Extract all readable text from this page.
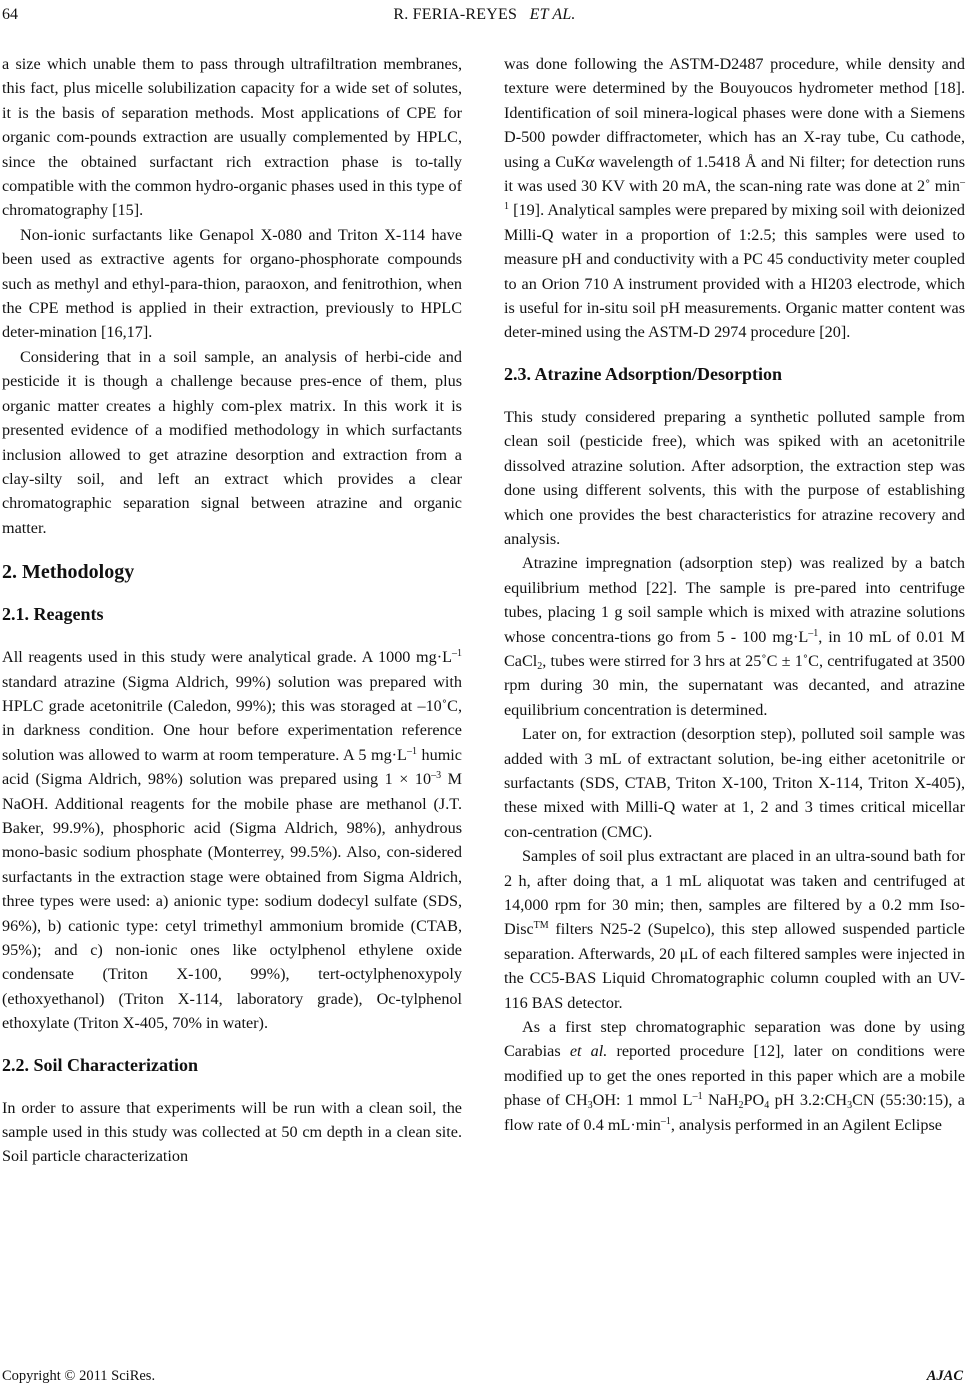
64	R. FERIA-REYES ET AL.

a size which unable them to pass through ultrafiltration membranes, this fact, plus micelle solubilization capacity for a wide set of solutes, it is the basis of separation methods. Most applications of CPE for organic com-pounds extraction are usually complemented by HPLC, since the obtained surfactant rich extraction phase is to-tally compatible with the common hydro-organic phases used in this type of chromatography [15].

Non-ionic surfactants like Genapol X-080 and Triton X-114 have been used as extractive agents for organo-phosphorate compounds such as methyl and ethyl-para-thion, paraoxon, and fenitrothion, when the CPE method is applied in their extraction, previously to HPLC deter-mination [16,17].

Considering that in a soil sample, an analysis of herbi-cide and pesticide it is though a challenge because pres-ence of them, plus organic matter creates a highly com-plex matrix. In this work it is presented evidence of a modified methodology in which surfactants inclusion allowed to get atrazine desorption and extraction from a clay-silty soil, and left an extract which provides a clear chromatographic separation signal between atrazine and organic matter.

2. Methodology
2.1. Reagents

All reagents used in this study were analytical grade. A 1000 $mg\cdot L^{-1}$ standard atrazine (Sigma Aldrich, 99%) solution was prepared with HPLC grade acetonitrile (Caledon, 99%); this was storaged at –10˚C, in darkness condition. One hour before experimentation reference solution was allowed to warm at room temperature. A 5 $mg\cdot L^{-1}$ humic acid (Sigma Aldrich, 98%) solution was prepared using $1 \times 10^{-3}$ M NaOH. Additional reagents for the mobile phase are methanol (J.T. Baker, 99.9%), phosphoric acid (Sigma Aldrich, 98%), anhydrous mono-basic sodium phosphate (Monterrey, 99.5%). Also, con-sidered surfactants in the extraction stage were obtained from Sigma Aldrich, three types were used: a) anionic type: sodium dodecyl sulfate (SDS, 96%), b) cationic type: cetyl trimethyl ammonium bromide (CTAB, 95%); and c) non-ionic ones like octylphenol ethylene oxide condensate (Triton X-100, 99%), tert-octylphenoxypoly (ethoxyethanol) (Triton X-114, laboratory grade), Oc-tylphenol ethoxylate (Triton X-405, 70% in water).

2.2. Soil Characterization

In order to assure that experiments will be run with a clean soil, the sample used in this study was collected at 50 cm depth in a clean site. Soil particle characterization

was done following the ASTM-D2487 procedure, while density and texture were determined by the Bouyoucos hydrometer method [18]. Identification of soil minera-logical phases were done with a Siemens D-500 powder diffractometer, which has an X-ray tube, Cu cathode, using a CuKα wavelength of 1.5418 Å and Ni filter; for detection runs it was used 30 KV with 20 mA, the scan-ning rate was done at 2˚ $\min^{-1} [19]$. Analytical samples were prepared by mixing soil with deionized Milli-Q water in a proportion of 1:2.5; this samples were used to measure pH and conductivity with a PC 45 conductivity meter coupled to an Orion 710 A instrument provided with a HI203 electrode, which is useful for in-situ soil pH measurements. Organic matter content was deter-mined using the ASTM-D 2974 procedure [20].

2.3. Atrazine Adsorption/Desorption

This study considered preparing a synthetic polluted sample from clean soil (pesticide free), which was spiked with an acetonitrile dissolved atrazine solution. After adsorption, the extraction step was done using different solvents, this with the purpose of establishing which one provides the best characteristics for atrazine recovery and analysis.

Atrazine impregnation (adsorption step) was realized by a batch equilibrium method [22]. The sample is pre-pared into centrifuge tubes, placing 1 g soil sample which is mixed with atrazine solutions whose concentra-tions go from 5 - 100 $mg\cdot L^{-1}$, in 10 mL of 0.01 M CaCl$_2$, tubes were stirred for 3 hrs at 25˚C ± 1˚C, centrifugated at 3500 rpm during 30 min, the supernatant was decanted, and atrazine equilibrium concentration is determined.

Later on, for extraction (desorption step), polluted soil sample was added with 3 mL of extractant solution, be-ing either acetonitrile or surfactants (SDS, CTAB, Triton X-100, Triton X-114, Triton X-405), these mixed with Milli-Q water at 1, 2 and 3 times critical micellar con-centration (CMC).

Samples of soil plus extractant are placed in an ultra-sound bath for 2 h, after doing that, a 1 mL aliquotat was taken and centrifuged at 14,000 rpm for 30 min; then, samples are filtered by a 0.2 mm Iso-Disc™ filters N25-2 (Supelco), this step allowed suspended particle separation. Afterwards, 20 μL of each filtered samples were injected in the CC5-BAS Liquid Chromatographic column coupled with an UV-116 BAS detector.

As a first step chromatographic separation was done by using Carabias et al. reported procedure [12], later on conditions were modified up to get the ones reported in this paper which are a mobile phase of $CH_3OH$: 1 mmol $L^{-1}$ $NaH_2PO_4$ pH $3.2:CH_3CN$ (55:30:15), a flow rate of 0.4 $mL\cdot\min^{-1}$, analysis performed in an Agilent Eclipse

Copyright © 2011 SciRes.	AJAC
